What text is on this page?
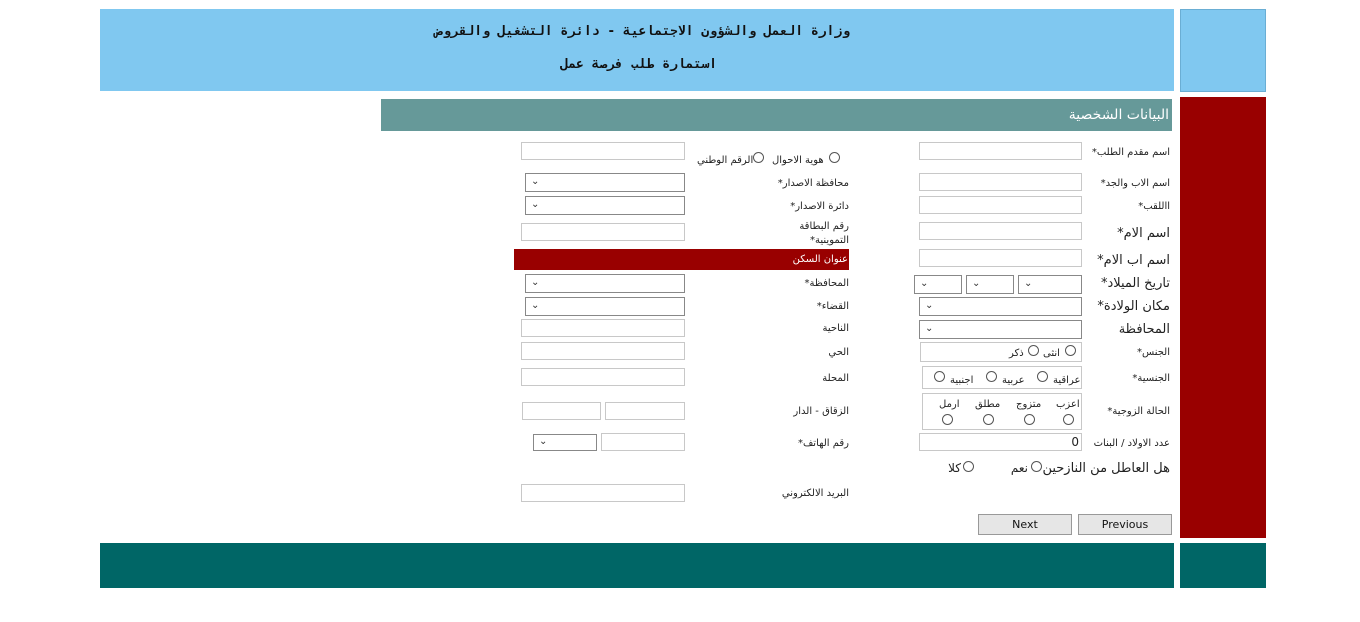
وزارة العمل والشؤون الاجتماعية - دائرة التشغيل والقروض
استمارة طلب فرصة عمل
البيانات الشخصية
اسم مقدم الطلب*
اسم الاب والجد*
االلقب*
اسم الام*
اسم اب الام*
تاريخ الميلاد*
⌄
⌄
⌄
مكان الولادة*
⌄
المحافظة
⌄
الجنس*
انثى
ذكر
الجنسية*
عراقية
عربية
اجنبية
الحالة الزوجية*
اعزب
متزوج
مطلق
ارمل
عدد الاولاد / البنات
0
هل العاطل من النازحين
نعم
كلا
هوية الاحوال
الرقم الوطني
محافظة الاصدار*
⌄
دائرة الاصدار*
⌄
رقم البطاقة
التموينية*
عنوان السكن
المحافظة*
⌄
القضاء*
⌄
الناحية
الحي
المحلة
الزقاق - الدار
رقم الهاتف*
⌄
البريد الالكتروني
Next	Previous
